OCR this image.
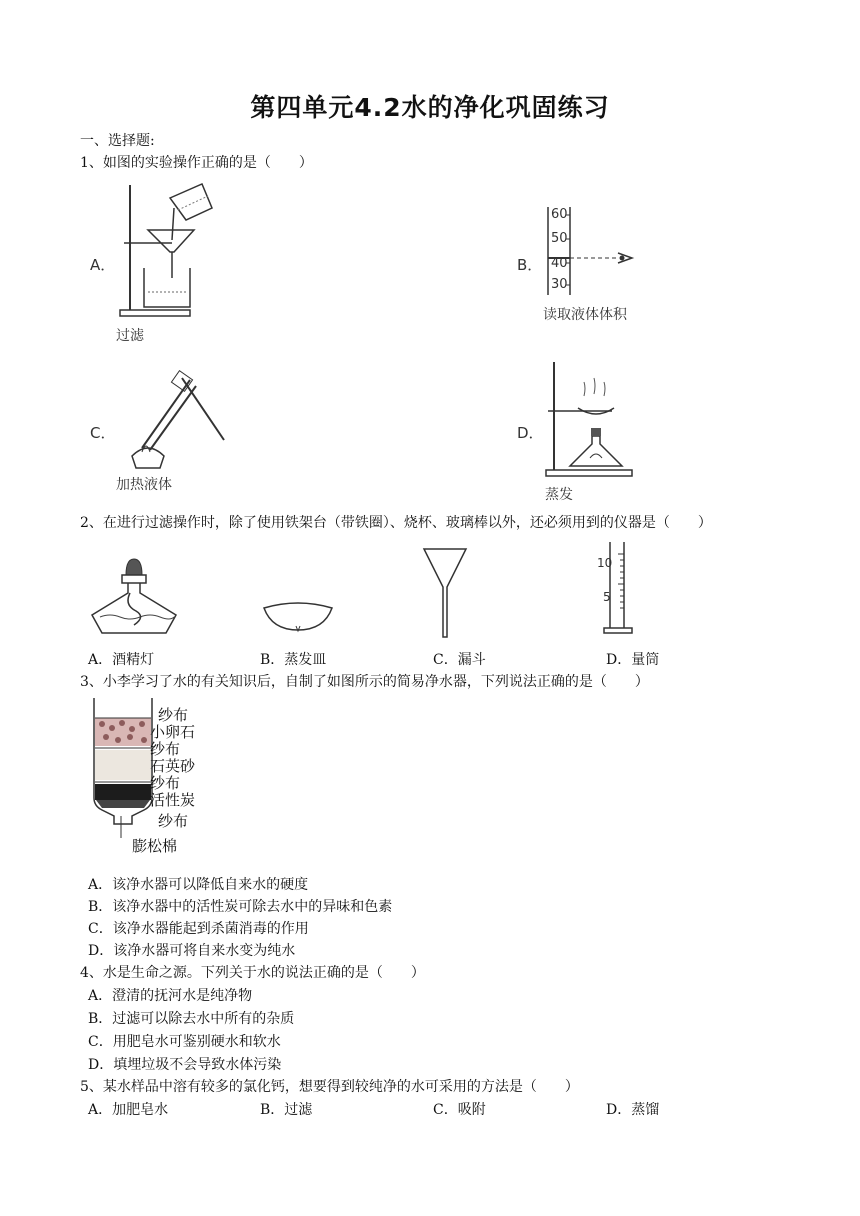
第四单元4.2水的净化巩固练习
一、选择题:
1、如图的实验操作正确的是（　　）
A．
过滤
B．
60
50
40
30
读取液体体积
C．
加热液体
D．
蒸发
2、在进行过滤操作时，除了使用铁架台（带铁圈）、烧杯、玻璃棒以外，还必须用到的仪器是（　　）
10
5
A．酒精灯	B．蒸发皿	C．漏斗	D．量筒
3、小李学习了水的有关知识后，自制了如图所示的简易净水器，下列说法正确的是（　　）
纱布
小卵石
纱布
石英砂
纱布
活性炭
纱布
膨松棉
A．该净水器可以降低自来水的硬度
B．该净水器中的活性炭可除去水中的异味和色素
C．该净水器能起到杀菌消毒的作用
D．该净水器可将自来水变为纯水
4、水是生命之源。下列关于水的说法正确的是（　　）
A．澄清的抚河水是纯净物
B．过滤可以除去水中所有的杂质
C．用肥皂水可鉴别硬水和软水
D．填埋垃圾不会导致水体污染
5、某水样品中溶有较多的氯化钙，想要得到较纯净的水可采用的方法是（　　）
A．加肥皂水	B．过滤	C．吸附	D．蒸馏
